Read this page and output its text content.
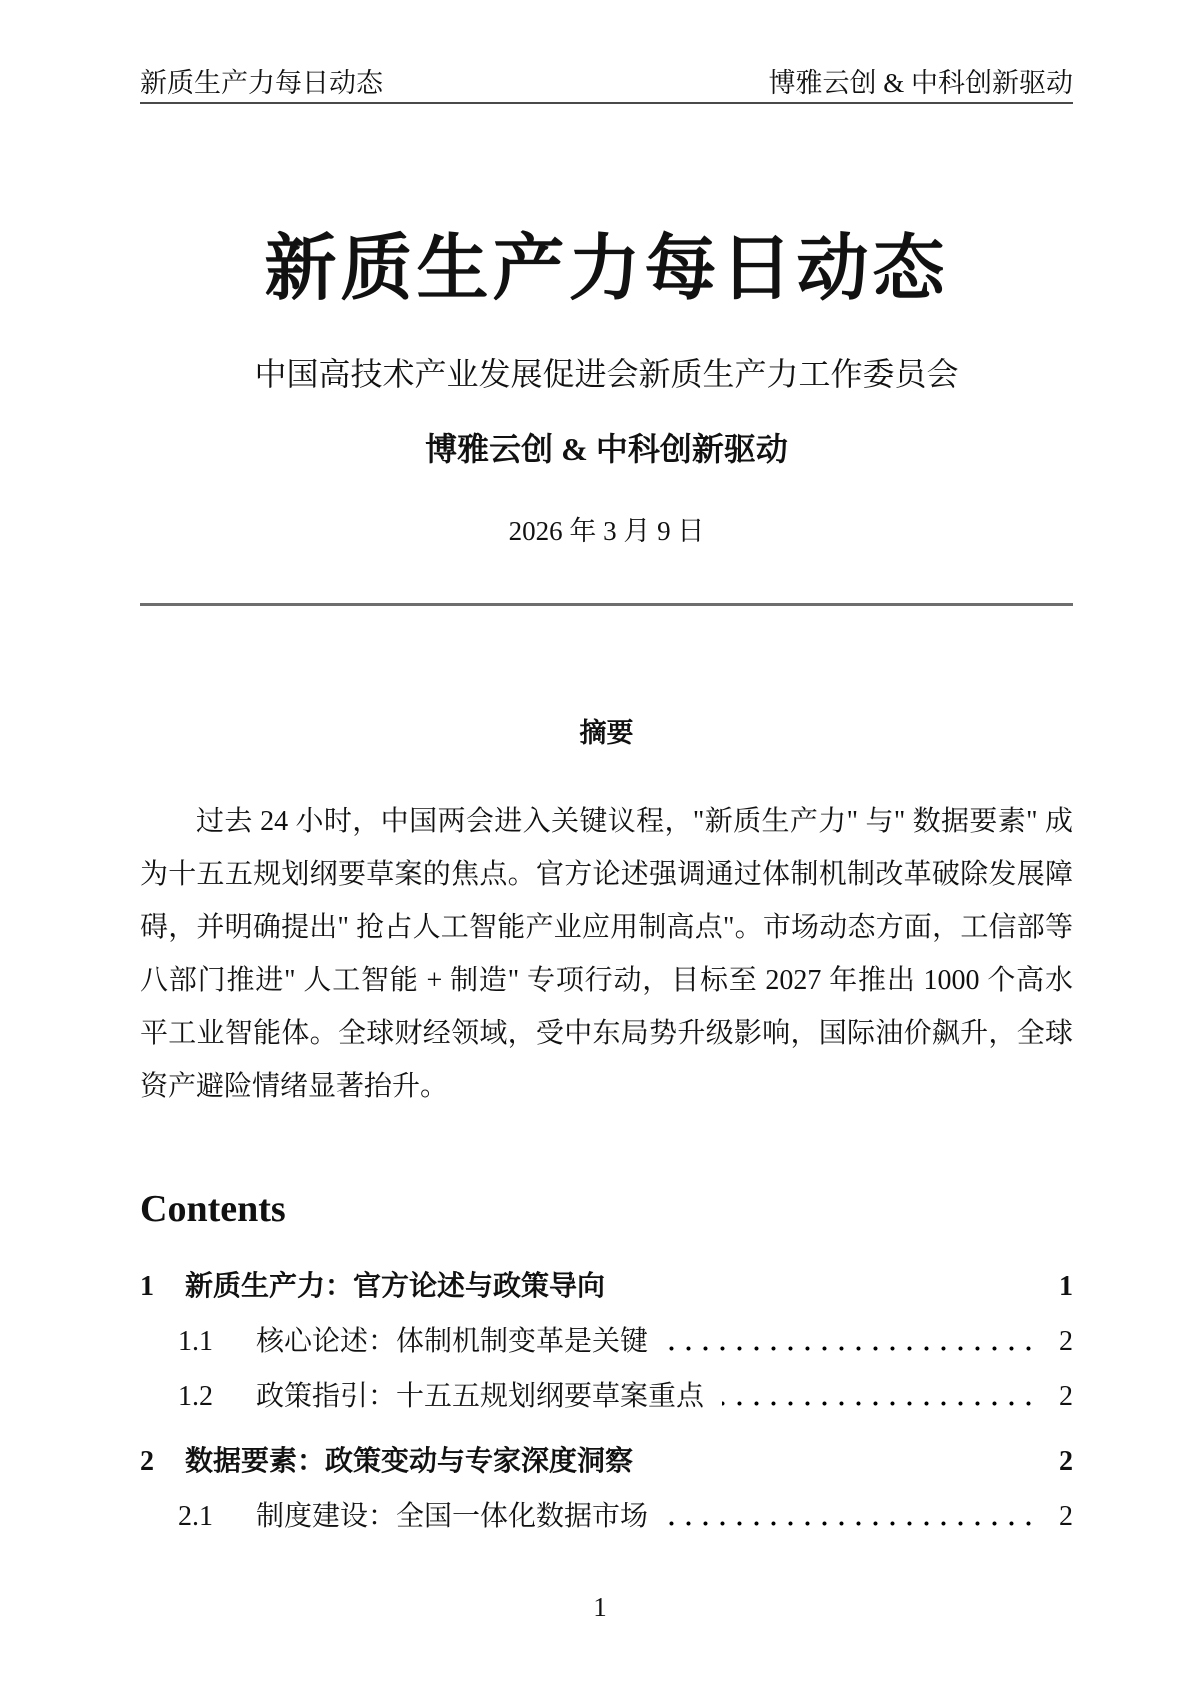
新质生产力每日动态	博雅云创 & 中科创新驱动
新质生产力每日动态
中国高技术产业发展促进会新质生产力工作委员会
博雅云创 & 中科创新驱动
2026 年 3 月 9 日
摘要
过去 24 小时，中国两会进入关键议程，"新质生产力" 与" 数据要素" 成为十五五规划纲要草案的焦点。官方论述强调通过体制机制改革破除发展障碍，并明确提出" 抢占人工智能产业应用制高点"。市场动态方面，工信部等八部门推进" 人工智能 + 制造" 专项行动，目标至 2027 年推出 1000 个高水平工业智能体。全球财经领域，受中东局势升级影响，国际油价飙升，全球资产避险情绪显著抬升。
Contents
1	新质生产力：官方论述与政策导向	1
1.1	核心论述：体制机制变革是关键	2
1.2	政策指引：十五五规划纲要草案重点	2
2	数据要素：政策变动与专家深度洞察	2
2.1	制度建设：全国一体化数据市场	2
1
